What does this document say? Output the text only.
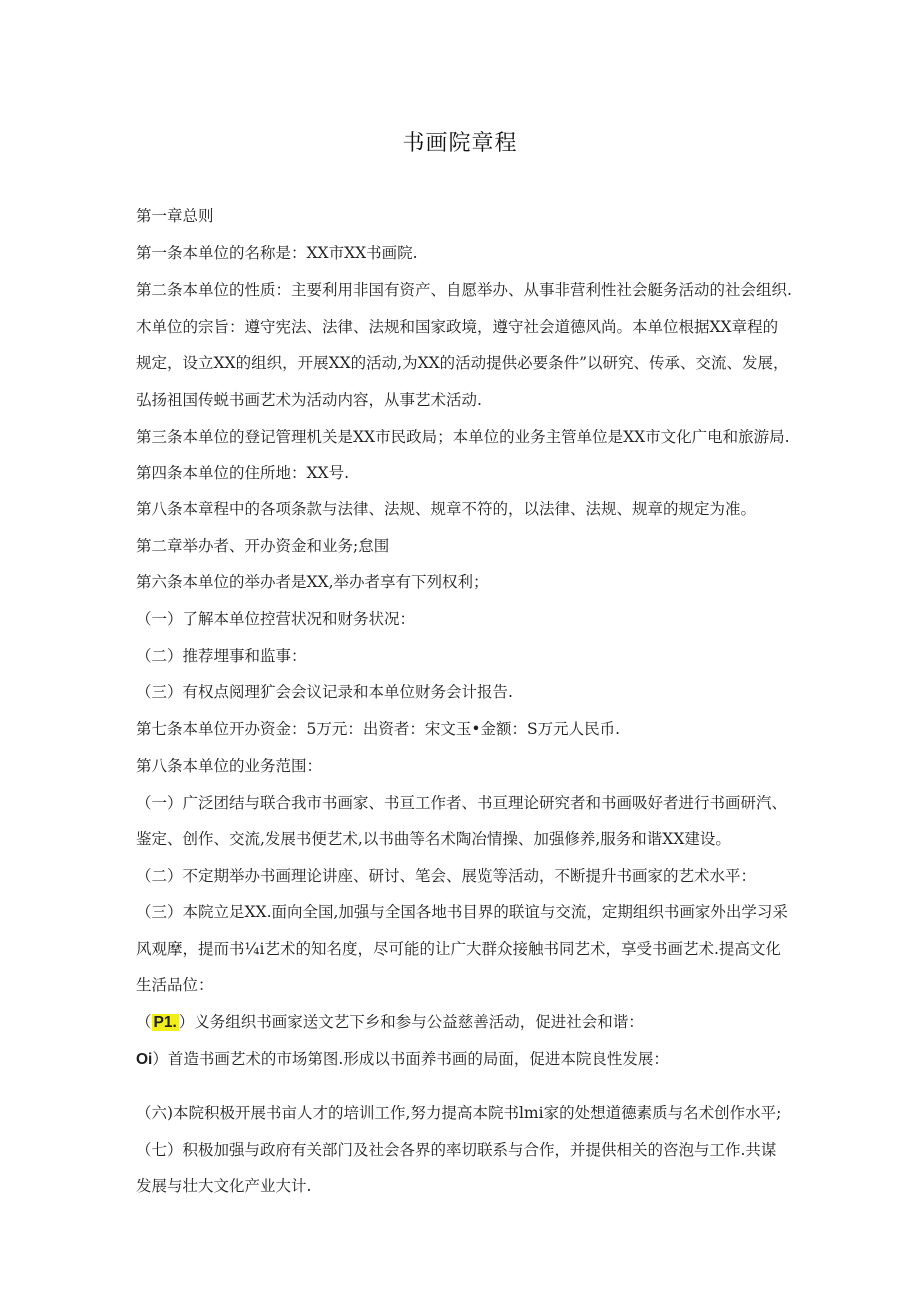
书画院章程
第一章总则
第一条本单位的名称是：XX市XX书画院.
第二条本单位的性质：主要利用非国有资产、自愿举办、从事非营利性社会艇务活动的社会组织.
木单位的宗旨：遵守宪法、法律、法规和国家政境，遵守社会道德风尚。本单位根据XX章程的
规定，设立XX的组织，开展XX的活动,为XX的活动提供必要条件”以研究、传承、交流、发展，
弘扬祖国传蜕书画艺术为活动内容，从事艺术活动.
第三条本单位的登记管理机关是XX市民政局；本单位的业务主管单位是XX市文化广电和旅游局.
第四条本单位的住所地：XX号.
第八条本章程中的各项条款与法律、法规、规章不符的，以法律、法规、规章的规定为准。
第二章举办者、开办资金和业务;怠围
第六条本单位的举办者是XX,举办者享有下列权利；
（一）了解本单位控营状况和财务状况：
（二）推荐埋事和监事：
（三）有权点阅理犷会会议记录和本单位财务会计报告.
第七条本单位开办资金：5万元：出资者：宋文玉•金额：S万元人民币.
第八条本单位的业务范围：
（一）广泛团结与联合我市书画家、书亘工作者、书亘理论研究者和书画吸好者进行书画研汽、
鉴定、创作、交流,发展书便艺术,以书曲等名术陶冶情操、加强修养,服务和谐XX建设。
（二）不定期举办书画理论讲座、研讨、笔会、展览等活动，不断提升书画家的艺术水平：
（三）本院立足XX.面向全国,加强与全国各地书目界的联谊与交流，定期组织书画家外出学习采
风观摩，提而书¼i艺术的知名度，尽可能的让广大群众接触书同艺术，享受书画艺术.提高文化
生活品位：
（ P1. ）义务组织书画家送文艺下乡和参与公益慈善活动，促进社会和谐：
Oi）首造书画艺术的市场第图.形成以书面养书画的局面，促进本院良性发展：
（六)本院积极开展书亩人才的培训工作,努力提高本院书lmi家的处想道德素质与名术创作水平;
（七）积极加强与政府有关部门及社会各界的率切联系与合作，并提供相关的咨泡与工作.共谋
发展与壮大文化产业大计.
